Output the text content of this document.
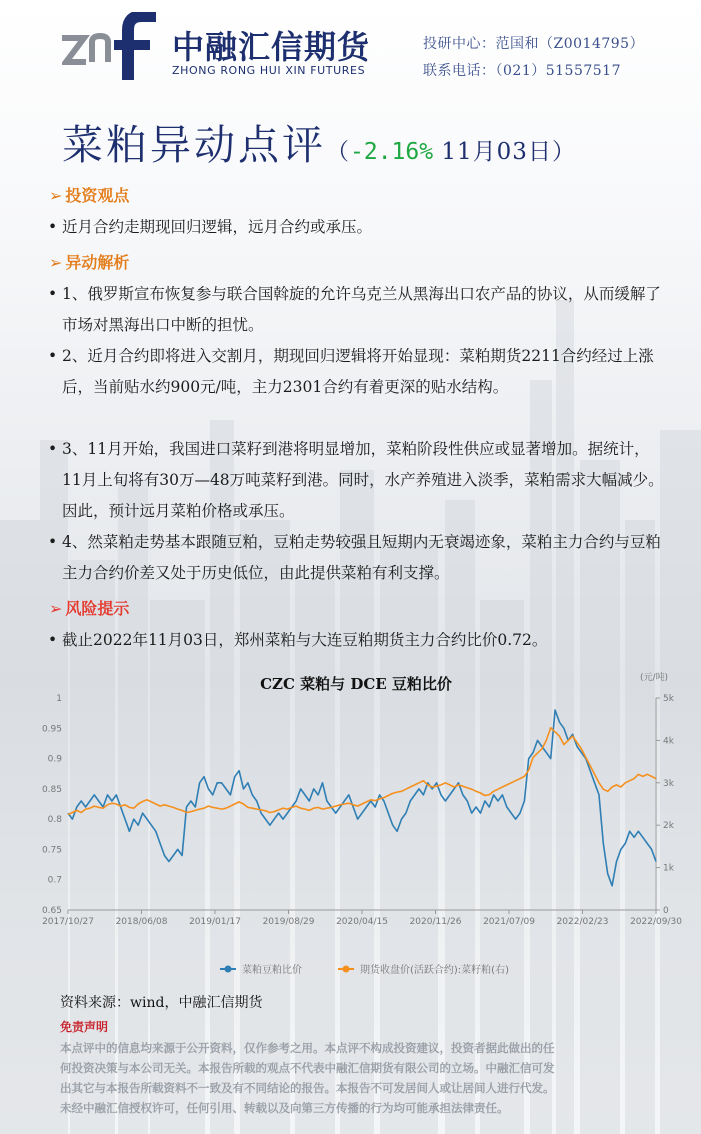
中融汇信期货
ZHONG RONG HUI XIN FUTURES
投研中心：范国和（Z0014795）
联系电话：（021）51557517
菜粕异动点评（-2.16% 11月03日）
➢ 投资观点
• 近月合约走期现回归逻辑，远月合约或承压。
➢ 异动解析
• 1、俄罗斯宣布恢复参与联合国斡旋的允许乌克兰从黑海出口农产品的协议，从而缓解了市场对黑海出口中断的担忧。
• 2、近月合约即将进入交割月，期现回归逻辑将开始显现：菜粕期货2211合约经过上涨后，当前贴水约900元/吨，主力2301合约有着更深的贴水结构。
• 3、11月开始，我国进口菜籽到港将明显增加，菜粕阶段性供应或显著增加。据统计，11月上旬将有30万—48万吨菜籽到港。同时，水产养殖进入淡季，菜粕需求大幅减少。因此，预计远月菜粕价格或承压。
• 4、然菜粕走势基本跟随豆粕，豆粕走势较强且短期内无衰竭迹象，菜粕主力合约与豆粕主力合约价差又处于历史低位，由此提供菜粕有利支撑。
➢ 风险提示
• 截止2022年11月03日，郑州菜粕与大连豆粕期货主力合约比价0.72。
CZC 菜粕与 DCE 豆粕比价	(元/吨)
1
0.95
0.9
0.85
0.8
0.75
0.7
0.65
5k
4k
3k
2k
1k
0
2017/10/27 2018/06/08 2019/01/17 2019/08/29 2020/04/15 2020/11/26 2021/07/09 2022/02/23 2022/09/30
菜粕豆粕比价	期货收盘价(活跃合约):菜籽粕(右)
资料来源：wind，中融汇信期货
免责声明
本点评中的信息均来源于公开资料，仅作参考之用。本点评不构成投资建议，投资者据此做出的任
何投资决策与本公司无关。本报告所载的观点不代表中融汇信期货有限公司的立场。中融汇信可发
出其它与本报告所载资料不一致及有不同结论的报告。本报告不可发居间人或让居间人进行代发。
未经中融汇信授权许可，任何引用、转载以及向第三方传播的行为均可能承担法律责任。
